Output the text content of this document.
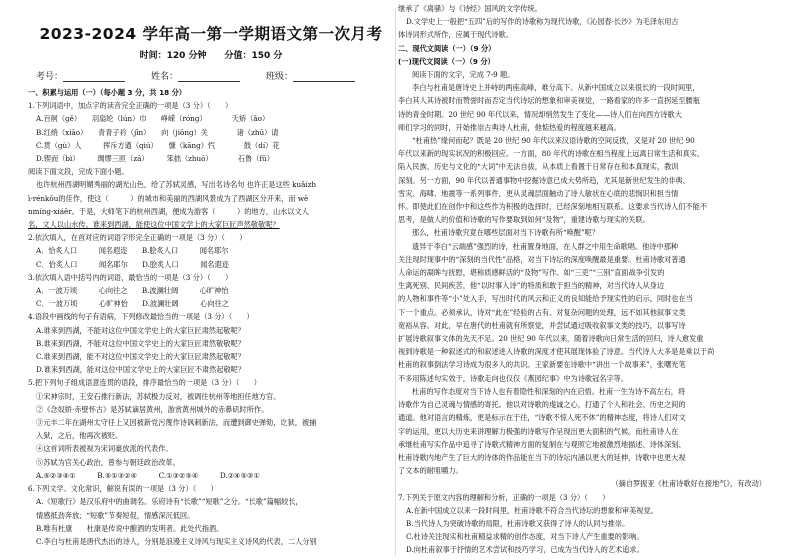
2023-2024 学年高一第一学期语文第一次月考
时间：120 分钟　　分值：150 分
考号：	姓名：	班级：
一、积累与运用（一）（每小题 3 分，共 18 分）
1.下列词语中，加点字的读音完全正确的一项是（3 分）（　　）
A.百舸（ɡě）　　羽扇纶（lún）巾　　峥嵘（rónɡ）　　　　夭矫（ǎo）
B.红绡（xiāo）　　青青子衿（jīn）　　向（jiōnɡ）关　　　　诸（zhū）请
C.贯（ɡù）人　　　挥斥方遒（qiú）　　慷（kānɡ）忾　　　　鼓（dí）花
D.锲而（bì）　　　绸缪三匝（zā）　　　笨拙（zhuō）　　　　石鲁（fǔ）
阅读下面文段，完成下面小题。
也许杭州西湖明媚秀丽的湖光山色，给了苏轼灵感，写出名诗名句 也许正是这些 kuǎizh
ì-rénkǒu的佳作，使这（　　　）的城市和美丽的西湖风景成为了西湖区分开来，而 wē
nmínɡ-xiáěr。于是，大师笔下的杭州西湖，便成为游客（　　　）的地方，山水以文人
名，文人以山水传。谁来到西湖，能使这位中国文学上的大家巨匠声然敬敬呢？
2.依次填入，在首对应的词语字形完全正确的一项是（3 分）（　　）
A．恰炙人口　　　闻名遐迩　　B.脍炙人口　　　闻名耶尔
C．恰炙人口　　　闻名耶尔　　D.脍炙人口　　　闻名遐迩
3.依次填入语中括号内的词语，最恰当的一项是（3 分）（　　）
A．一波万顷　　　心向往之　　B.波澜壮阔　　　心旷神怡
C．一波万顷　　　心旷神怡　　D.波澜壮阔　　　心向往之
4.语段中画线的句子有语病，下列修改最恰当的一项是（3 分）（　　）
A.谁来到西湖，不能对这位中国文学史上的大家巨匠肃然起敬呢？
B.谁来到西湖，不能对这位中国文学史上的大家巨匠肃然敬敬呢？
C.谁来到西湖，能不对这位中国文学史上的大家巨匠肃然起敬呢？
D.谁来到西湖，能对这位中国文学史上的大家巨匠不肃然起敬呢？
5.把下列句子组成语意连贯的语段，排序最恰当的一项是（3 分）（　　）
①宋神宗时，王安石推行新法，苏轼极力反对，被调往杭州等地担任地方官。
②《念奴娇·赤壁怀古》是苏轼谪居黄州，游赏黄州城外的赤鼻矶时所作。
③元丰二年在湖州太守任上又因被新党污蔑作诗讽刺新法，而遭到御史弹劾，讫狱，被捕
入狱，之后，他再次被贬。
④这首词所表被视为宋词豪放派的代表作。
⑤苏轼为官关心政治，曾参与朝廷政治改革。
A.⑤②③④①　　　B.⑤①③②④　　　C.①③②⑤④　　　D.②④⑤③①
6.下列文学、文化常识，解说有误的一项是（3 分）（　　）
A.《短歌行》是汉乐府中的曲调名。乐府诗有“长歌”“短歌”之分。“长歌”篇幅较长，
情感抵劲奔放；“短歌”节奏短促，情感深沉低回。
B.唯有杜康　　杜康是传说中酿酒的发明者。此处代指酒。
C.李白与杜甫是唐代杰出的诗人，分别是浪漫主义诗风与现实主义诗风的代表，二人分别
继承了《离骚》与《诗经》国风的文学传统。
D.文学史上一般把“五四”后的写作的诗歌称为现代诗歌，《沁园春·长沙》为毛泽东用古
体诗词形式所作，应属于现代诗歌。
二、现代文阅读（一）（9 分）
(一)现代文阅读（一）（9 分）
阅读下面的文字，完成 7-9 题。
李白与杜甫是唐诗史上并峙的两座高峰，难分高下。从新中国成立以来很长的一段时间里，
李白其人其诗被时而赞誉时而否定当代诗坛的想象和审美视觉，一路看家的许多一直拐延至腰瓶
诗的青金时期。20 世纪 90 年代以来，情况却悄然发生了变化——诗人们在向西方诗歌大
师们学习的同时，开始推崇古典诗人杜甫，他惦热爱的程度越来越高。
“杜甫热”缘何而起？既是 20 世纪 90 年代以来汉语诗歌的空间反拨，又是对 20 世纪 90
年代以来新的现实状况的积极回应。一方面，80 年代的诗歌在相当程度上远离日常生活和真实，
陷入民族、历史与文化的“大词”中无法自拔，从本质上看置于日常存在和本真现实，教训
深刻。另一方面，90 年代以普通事物中挖掘诗意已成大势所趋，尤其是新世纪发生的非典、
雪灾、海啸、地震等一系列事件，更从灵魂层面触动了诗人敏状在心底的悲悯识和担当情
怀。即使此们在创作中和这些作为积极的选择时，已经深刻地相互联系。这要求当代诗人们不能不
思考，是做人的价值和诗歌的写作要取到如何“及物”，重建诗歌与现实的关联。
那么，杜甫诗歌究竟在哪些层面对当下诗歌有所“唤醒”呢？
遗异于李白“云端感”强烈的诗，杜甫置身地面，在人群之中用生命歌唱。他诗中那种
关注现时现事中的“深刻的当代性”品格，对当下诗坛的深度唤醒最是重要。杜甫诗歌对普通
人命运的凝眸与抚慰，堪称质感鲜活的“及物”写作。如“三吏”“三别”直面战争引发的
生离死别、民间疾苦，他“以时事入诗”的特质和敢于担当的精神，对当代诗人从身边
的人物和事件等“小”处入手，写出时代的风云和正义的良知能给予现实性的启示，同时也在当
下一个重点。必须承认，诗对“此在”经验的占有、对复杂问题的处理，远不如其他叙事文类
宽裕从容。对此，早在唐代的杜甫就有所察觉，并尝试通过吸收叙事文类的技巧，以事写诗
扩展诗歌叙事文体的先天不足。20 世纪 90 年代以来，随着诗歌向日常生活的回归，诗人愈发重
视到诗歌是一种叙述式的和叙述进入诗歌的深度才使其展现体验了诗意。当代诗人大多是是乘以于尚
杜甫的叙事倒法学习诗成为很多人的共识。王家新要在诗歌中“讲出一个故事来”，张曙光笔
不多用陈述句实效于，诗歌走向也仅仅《燕园纪事》中为诗歌冠名字等。
杜甫的写作态度对当下诗人也有着隐性和深刻的内在启悟。杜甫一生为诗不高左右，将
诗歌作为自己灵魂与情感的寄托。他以对诗歌的虔诚之心，打通了个人和社会、历史之间的
通道。他对语言的精炼，更是标示在于往，“诗歌不惊人死不休”的精神态度，将诗人们对文
字的运用，更以大历史来讲理解力极强的诗歌写作呈现出更大面积的气候。而杜甫诗人在
承继杜甫写实作品中追寻了诗歌式精神方面的复制在与观照它地被激烈地描述、诗体深刻、
杜甫诗歌内地产生了巨大的诗体的作品能在当下的诗坛内涵以更大的延伸，诗歌中也更大视
了文本的耐咀嚼力。
（摘自罗振亚《杜甫诗歌好在接地气》，有改动）
7.下列关于原文内容的理解和分析，正确的一项是（3 分）（　　）
A.在新中国成立以来一段时间里，杜甫诗歌不符合当代诗坛的想象和审美视觉。
B.当代诗人为突破诗歌的局限，杜甫诗歌又获得了诗人的认同与推崇。
C.杜诗关注现实和杜甫精益求精的创作态度，对当下诗人产生重要的影响。
D.向杜甫叙事于抒情的艺术尝试和技巧学习，已成为当代诗人的艺术追求。
